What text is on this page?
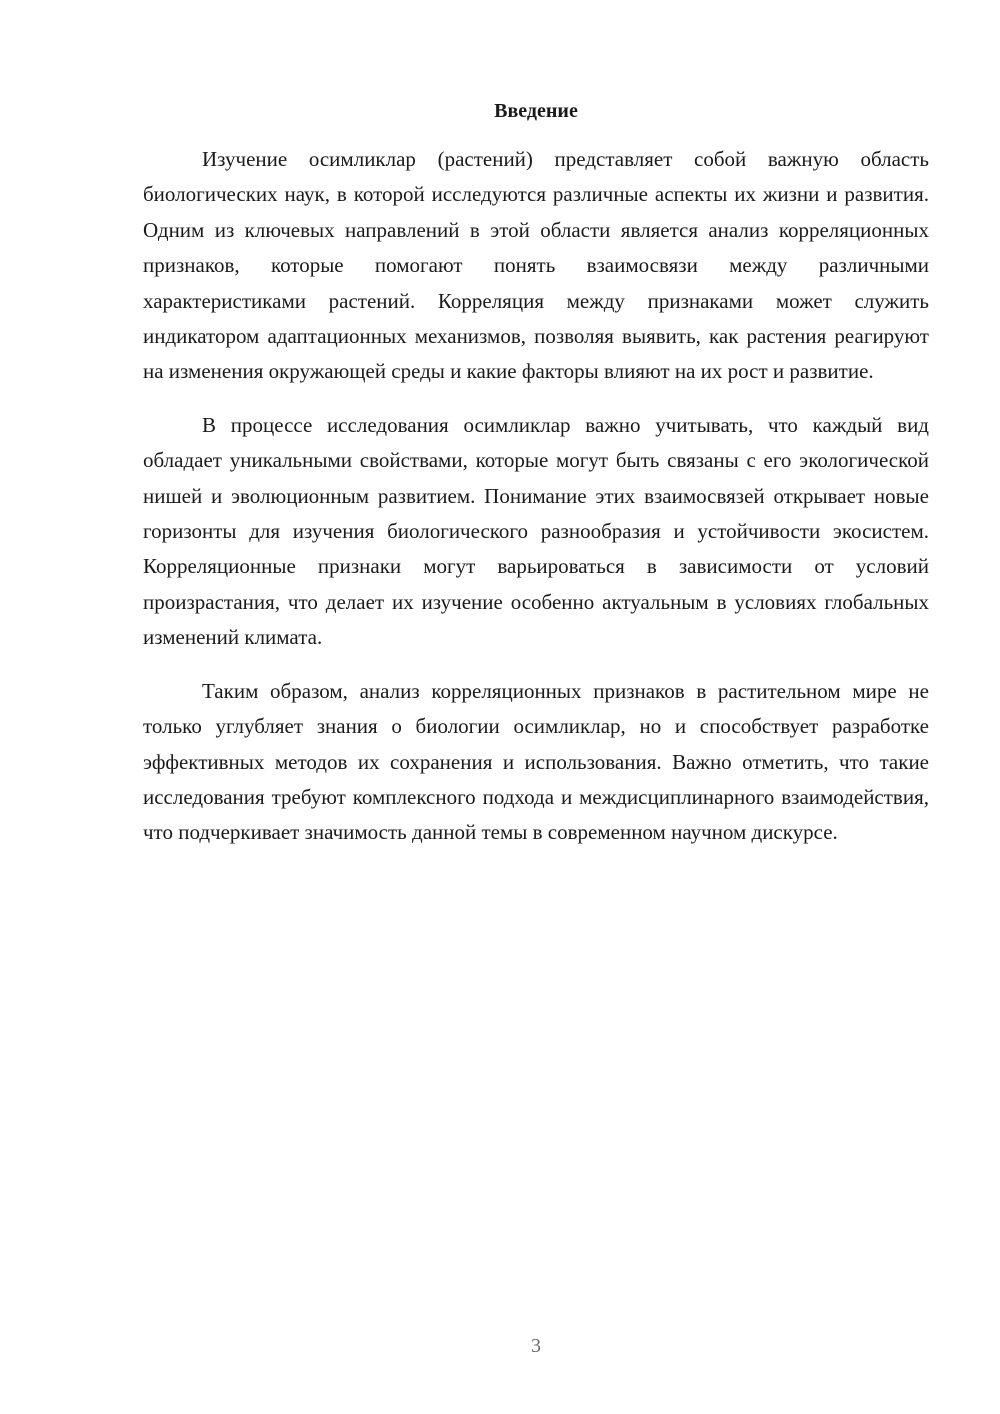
Введение

Изучение осимликлар (растений) представляет собой важную область биологических наук, в которой исследуются различные аспекты их жизни и развития. Одним из ключевых направлений в этой области является анализ корреляционных признаков, которые помогают понять взаимосвязи между различными характеристиками растений. Корреляция между признаками может служить индикатором адаптационных механизмов, позволяя выявить, как растения реагируют на изменения окружающей среды и какие факторы влияют на их рост и развитие.

В процессе исследования осимликлар важно учитывать, что каждый вид обладает уникальными свойствами, которые могут быть связаны с его экологической нишей и эволюционным развитием. Понимание этих взаимосвязей открывает новые горизонты для изучения биологического разнообразия и устойчивости экосистем. Корреляционные признаки могут варьироваться в зависимости от условий произрастания, что делает их изучение особенно актуальным в условиях глобальных изменений климата.

Таким образом, анализ корреляционных признаков в растительном мире не только углубляет знания о биологии осимликлар, но и способствует разработке эффективных методов их сохранения и использования. Важно отметить, что такие исследования требуют комплексного подхода и междисциплинарного взаимодействия, что подчеркивает значимость данной темы в современном научном дискурсе.

3
